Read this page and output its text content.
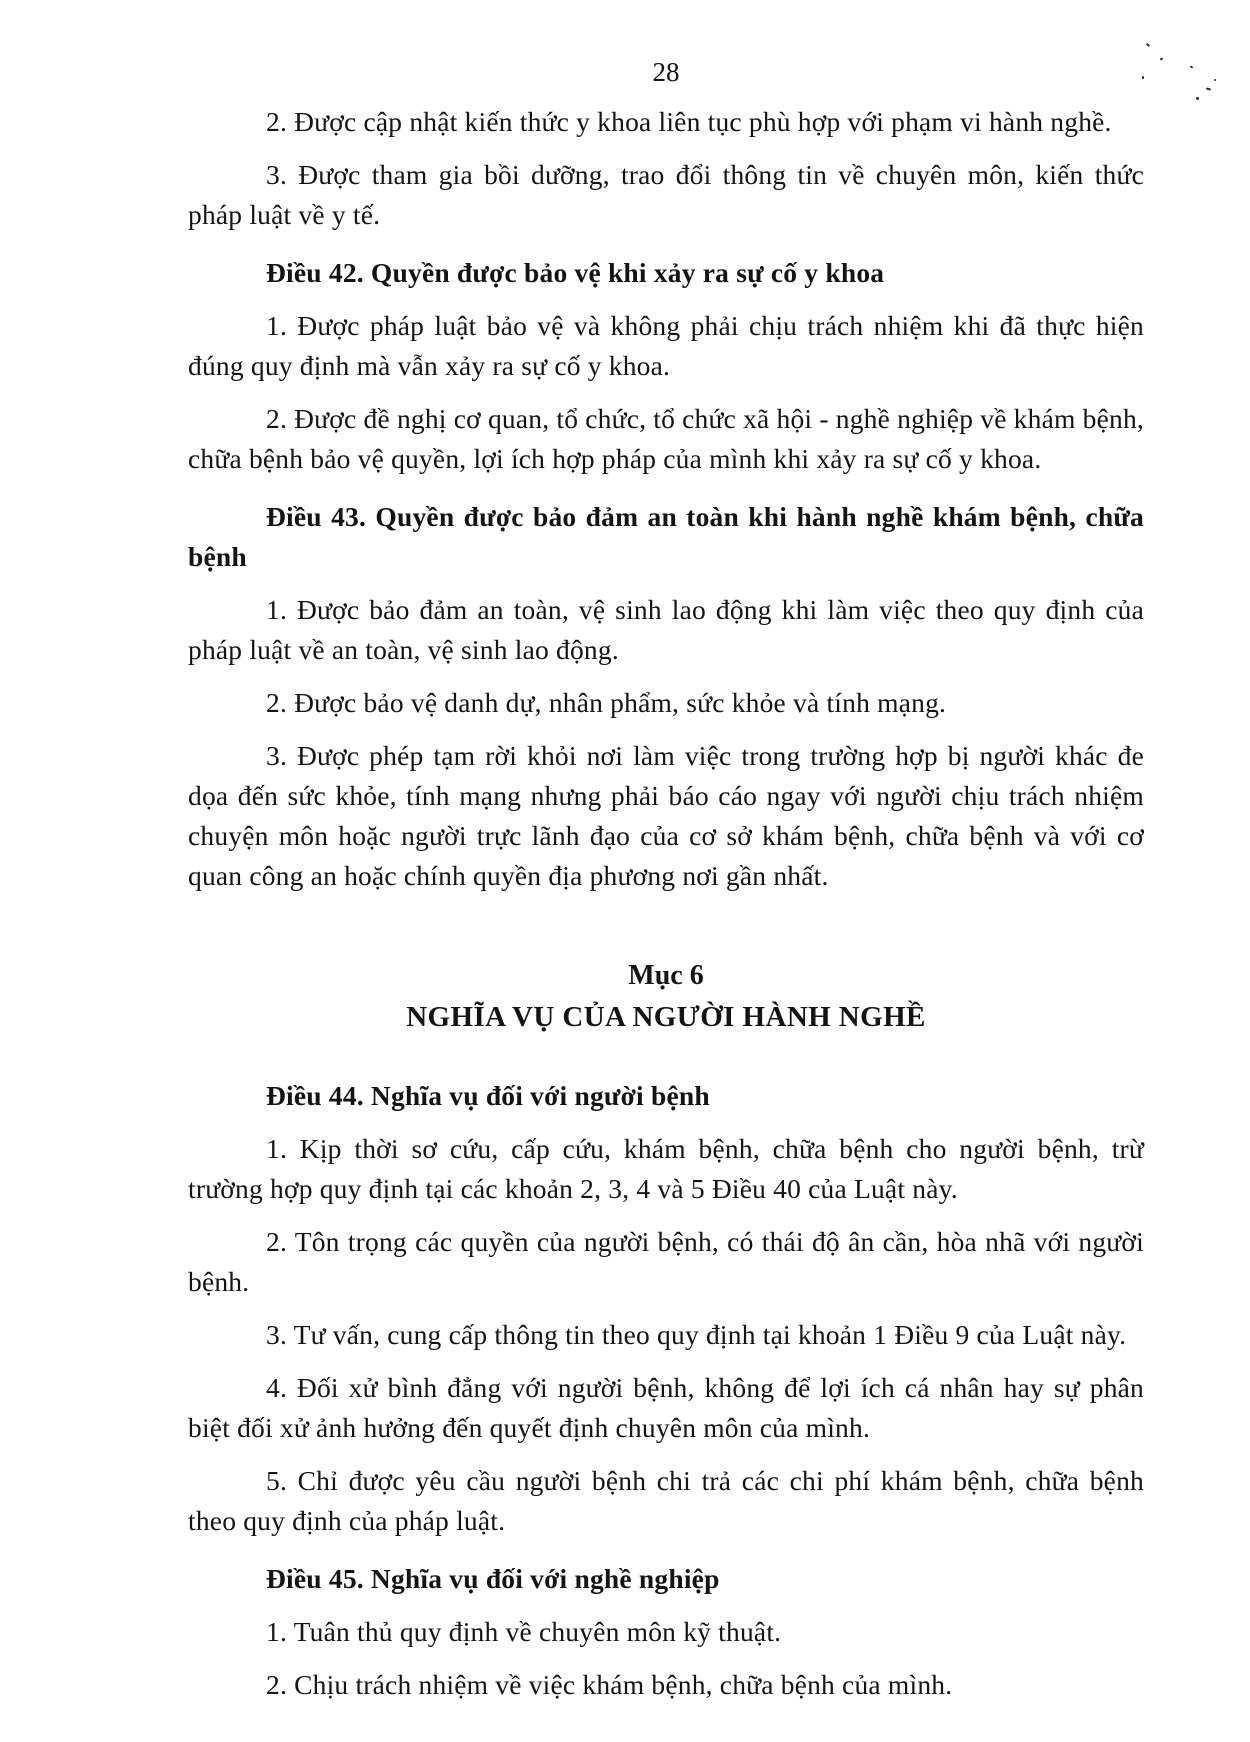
28

2. Được cập nhật kiến thức y khoa liên tục phù hợp với phạm vi hành nghề.

3. Được tham gia bồi dưỡng, trao đổi thông tin về chuyên môn, kiến thức pháp luật về y tế.

Điều 42. Quyền được bảo vệ khi xảy ra sự cố y khoa

1. Được pháp luật bảo vệ và không phải chịu trách nhiệm khi đã thực hiện đúng quy định mà vẫn xảy ra sự cố y khoa.

2. Được đề nghị cơ quan, tổ chức, tổ chức xã hội - nghề nghiệp về khám bệnh, chữa bệnh bảo vệ quyền, lợi ích hợp pháp của mình khi xảy ra sự cố y khoa.

Điều 43. Quyền được bảo đảm an toàn khi hành nghề khám bệnh, chữa bệnh

1. Được bảo đảm an toàn, vệ sinh lao động khi làm việc theo quy định của pháp luật về an toàn, vệ sinh lao động.

2. Được bảo vệ danh dự, nhân phẩm, sức khỏe và tính mạng.

3. Được phép tạm rời khỏi nơi làm việc trong trường hợp bị người khác đe dọa đến sức khỏe, tính mạng nhưng phải báo cáo ngay với người chịu trách nhiệm chuyện môn hoặc người trực lãnh đạo của cơ sở khám bệnh, chữa bệnh và với cơ quan công an hoặc chính quyền địa phương nơi gần nhất.

Mục 6
NGHĨA VỤ CỦA NGƯỜI HÀNH NGHỀ
Điều 44. Nghĩa vụ đối với người bệnh

1. Kịp thời sơ cứu, cấp cứu, khám bệnh, chữa bệnh cho người bệnh, trừ trường hợp quy định tại các khoản 2, 3, 4 và 5 Điều 40 của Luật này.

2. Tôn trọng các quyền của người bệnh, có thái độ ân cần, hòa nhã với người bệnh.

3. Tư vấn, cung cấp thông tin theo quy định tại khoản 1 Điều 9 của Luật này.

4. Đối xử bình đẳng với người bệnh, không để lợi ích cá nhân hay sự phân biệt đối xử ảnh hưởng đến quyết định chuyên môn của mình.

5. Chỉ được yêu cầu người bệnh chi trả các chi phí khám bệnh, chữa bệnh theo quy định của pháp luật.

Điều 45. Nghĩa vụ đối với nghề nghiệp

1. Tuân thủ quy định về chuyên môn kỹ thuật.

2. Chịu trách nhiệm về việc khám bệnh, chữa bệnh của mình.
